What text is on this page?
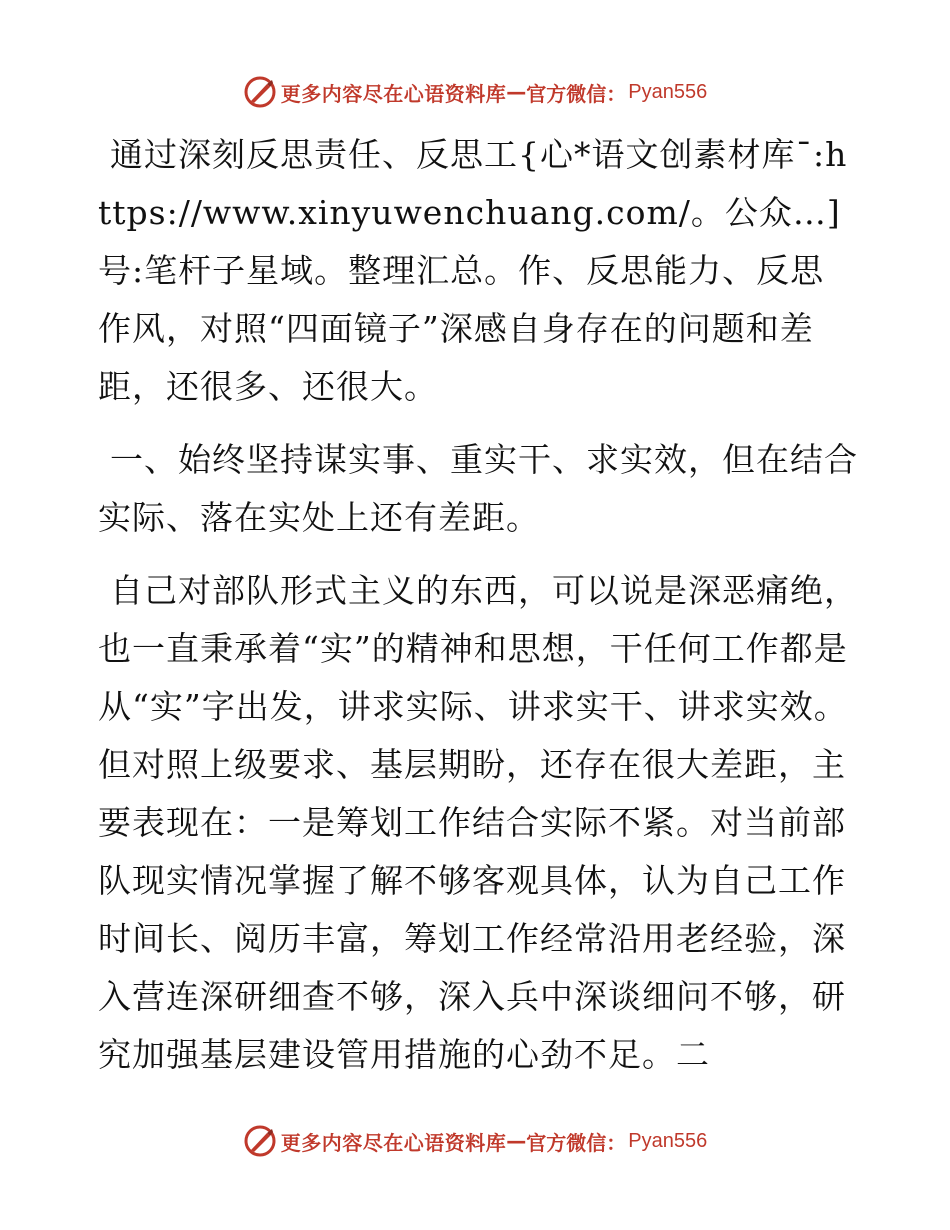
更多内容尽在心语资料库 — 官方微信： Pyan556

通过深刻反思责任、反思工{心*语文创素材库¯:https://www.xinyuwenchuang.com/。公众…]号:笔杆子星域。整理汇总。作、反思能力、反思作风，对照“四面镜子”深感自身存在的问题和差距，还很多、还很大。

一、始终坚持谋实事、重实干、求实效，但在结合实际、落在实处上还有差距。

自己对部队形式主义的东西，可以说是深恶痛绝，也一直秉承着“实”的精神和思想，干任何工作都是从“实”字出发，讲求实际、讲求实干、讲求实效。但对照上级要求、基层期盼，还存在很大差距，主要表现在：一是筹划工作结合实际不紧。对当前部队现实情况掌握了解不够客观具体，认为自己工作时间长、阅历丰富，筹划工作经常沿用老经验，深入营连深研细查不够，深入兵中深谈细问不够，研究加强基层建设管用措施的心劲不足。二

更多内容尽在心语资料库 — 官方微信： Pyan556
